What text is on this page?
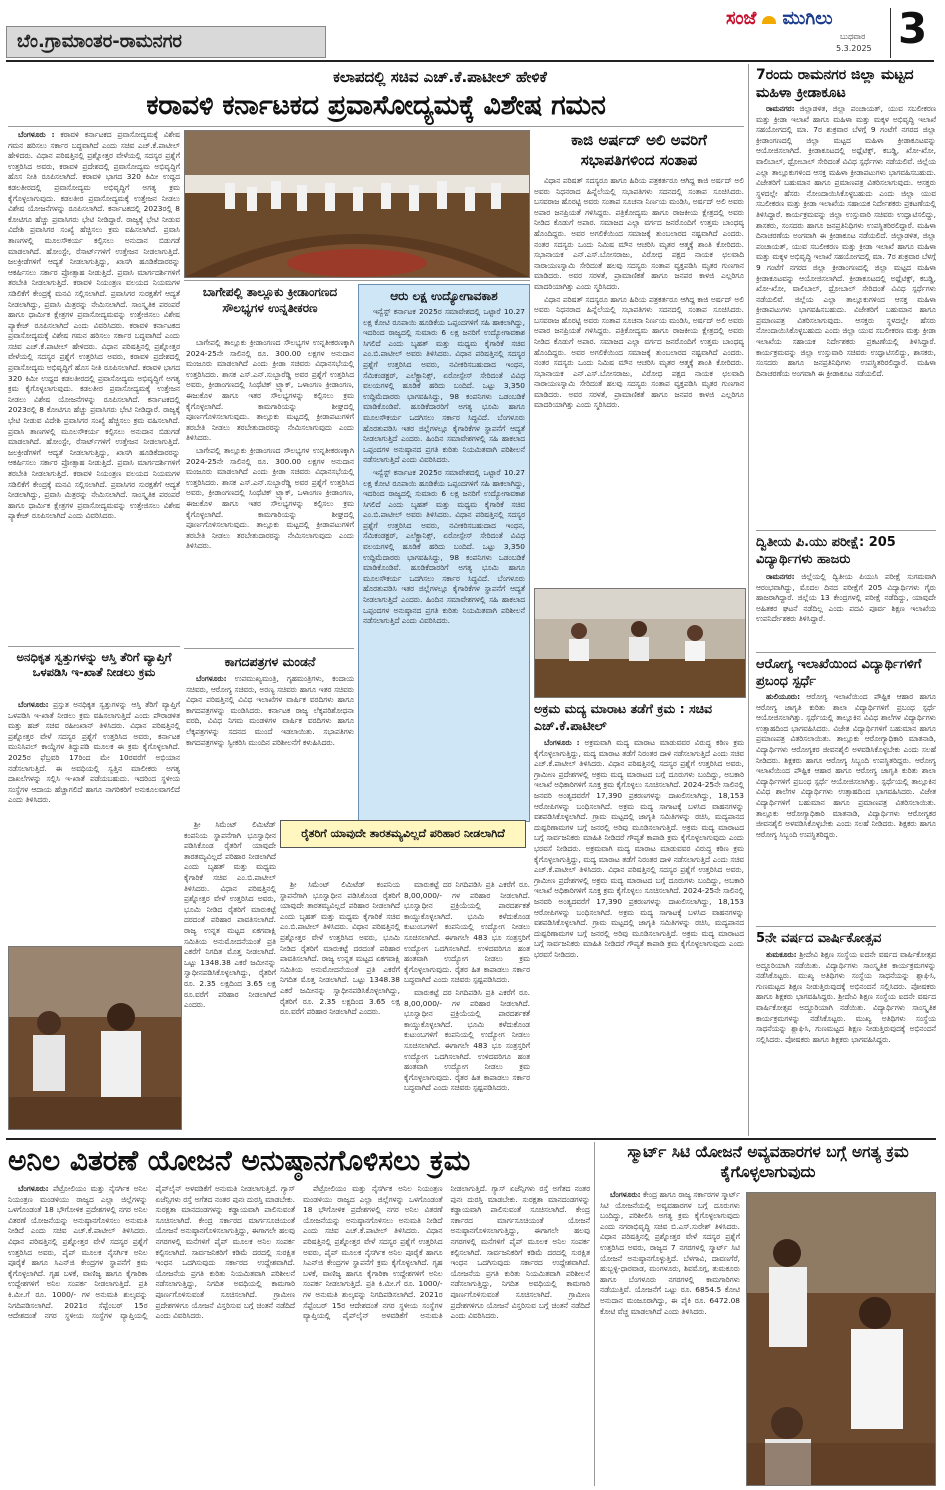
ಬೆಂ.ಗ್ರಾಮಾಂತರ-ರಾಮನಗರ
ಸಂಜೆ ಮುಗಿಲು
ಬುಧವಾರ
5.3.2025 3
7ರಂದು ರಾಮನಗರ ಜಿಲ್ಲಾ ಮಟ್ಟದ ಮಹಿಳಾ ಕ್ರೀಡಾಕೂಟ

ರಾಮನಗರ: ಜಿಲ್ಲಾಡಳಿತ, ಜಿಲ್ಲಾ ಪಂಚಾಯತ್, ಯುವ ಸಬಲೀಕರಣ ಮತ್ತು ಕ್ರೀಡಾ ಇಲಾಖೆ ಹಾಗೂ ಮಹಿಳಾ ಮತ್ತು ಮಕ್ಕಳ ಅಭಿವೃದ್ಧಿ ಇಲಾಖೆ ಸಹಯೋಗದಲ್ಲಿ ಮಾ. 7ರ ಶುಕ್ರವಾರ ಬೆಳಗ್ಗೆ 9 ಗಂಟೆಗೆ ನಗರದ ಜಿಲ್ಲಾ ಕ್ರೀಡಾಂಗಣದಲ್ಲಿ ಜಿಲ್ಲಾ ಮಟ್ಟದ ಮಹಿಳಾ ಕ್ರೀಡಾಕೂಟವನ್ನು ಆಯೋಜಿಸಲಾಗಿದೆ. ಕ್ರೀಡಾಕೂಟದಲ್ಲಿ ಅಥ್ಲೆಟಿಕ್ಸ್, ಕಬಡ್ಡಿ, ಖೋ-ಖೋ, ವಾಲಿಬಾಲ್, ಥ್ರೋಬಾಲ್ ಸೇರಿದಂತೆ ವಿವಿಧ ಸ್ಪರ್ಧೆಗಳು ನಡೆಯಲಿವೆ. ಜಿಲ್ಲೆಯ ಎಲ್ಲಾ ತಾಲ್ಲೂಕುಗಳಿಂದ ಆಸಕ್ತ ಮಹಿಳಾ ಕ್ರೀಡಾಪಟುಗಳು ಭಾಗವಹಿಸಬಹುದು. ವಿಜೇತರಿಗೆ ಬಹುಮಾನ ಹಾಗೂ ಪ್ರಮಾಣಪತ್ರ ವಿತರಿಸಲಾಗುವುದು. ಆಸಕ್ತರು ಸ್ಥಳದಲ್ಲೇ ಹೆಸರು ನೋಂದಾಯಿಸಿಕೊಳ್ಳಬಹುದು ಎಂದು ಜಿಲ್ಲಾ ಯುವ ಸಬಲೀಕರಣ ಮತ್ತು ಕ್ರೀಡಾ ಇಲಾಖೆಯ ಸಹಾಯಕ ನಿರ್ದೇಶಕರು ಪ್ರಕಟಣೆಯಲ್ಲಿ ತಿಳಿಸಿದ್ದಾರೆ. ಕಾರ್ಯಕ್ರಮವನ್ನು ಜಿಲ್ಲಾ ಉಸ್ತುವಾರಿ ಸಚಿವರು ಉದ್ಘಾಟಿಸಲಿದ್ದು, ಶಾಸಕರು, ಸಂಸದರು ಹಾಗೂ ಜನಪ್ರತಿನಿಧಿಗಳು ಉಪಸ್ಥಿತರಿರಲಿದ್ದಾರೆ. ಮಹಿಳಾ ದಿನಾಚರಣೆಯ ಅಂಗವಾಗಿ ಈ ಕ್ರೀಡಾಕೂಟ ನಡೆಯಲಿದೆ. ಜಿಲ್ಲಾಡಳಿತ, ಜಿಲ್ಲಾ ಪಂಚಾಯತ್, ಯುವ ಸಬಲೀಕರಣ ಮತ್ತು ಕ್ರೀಡಾ ಇಲಾಖೆ ಹಾಗೂ ಮಹಿಳಾ ಮತ್ತು ಮಕ್ಕಳ ಅಭಿವೃದ್ಧಿ ಇಲಾಖೆ ಸಹಯೋಗದಲ್ಲಿ ಮಾ. 7ರ ಶುಕ್ರವಾರ ಬೆಳಗ್ಗೆ 9 ಗಂಟೆಗೆ ನಗರದ ಜಿಲ್ಲಾ ಕ್ರೀಡಾಂಗಣದಲ್ಲಿ ಜಿಲ್ಲಾ ಮಟ್ಟದ ಮಹಿಳಾ ಕ್ರೀಡಾಕೂಟವನ್ನು ಆಯೋಜಿಸಲಾಗಿದೆ. ಕ್ರೀಡಾಕೂಟದಲ್ಲಿ ಅಥ್ಲೆಟಿಕ್ಸ್, ಕಬಡ್ಡಿ, ಖೋ-ಖೋ, ವಾಲಿಬಾಲ್, ಥ್ರೋಬಾಲ್ ಸೇರಿದಂತೆ ವಿವಿಧ ಸ್ಪರ್ಧೆಗಳು ನಡೆಯಲಿವೆ. ಜಿಲ್ಲೆಯ ಎಲ್ಲಾ ತಾಲ್ಲೂಕುಗಳಿಂದ ಆಸಕ್ತ ಮಹಿಳಾ ಕ್ರೀಡಾಪಟುಗಳು ಭಾಗವಹಿಸಬಹುದು. ವಿಜೇತರಿಗೆ ಬಹುಮಾನ ಹಾಗೂ ಪ್ರಮಾಣಪತ್ರ ವಿತರಿಸಲಾಗುವುದು. ಆಸಕ್ತರು ಸ್ಥಳದಲ್ಲೇ ಹೆಸರು ನೋಂದಾಯಿಸಿಕೊಳ್ಳಬಹುದು ಎಂದು ಜಿಲ್ಲಾ ಯುವ ಸಬಲೀಕರಣ ಮತ್ತು ಕ್ರೀಡಾ ಇಲಾಖೆಯ ಸಹಾಯಕ ನಿರ್ದೇಶಕರು ಪ್ರಕಟಣೆಯಲ್ಲಿ ತಿಳಿಸಿದ್ದಾರೆ. ಕಾರ್ಯಕ್ರಮವನ್ನು ಜಿಲ್ಲಾ ಉಸ್ತುವಾರಿ ಸಚಿವರು ಉದ್ಘಾಟಿಸಲಿದ್ದು, ಶಾಸಕರು, ಸಂಸದರು ಹಾಗೂ ಜನಪ್ರತಿನಿಧಿಗಳು ಉಪಸ್ಥಿತರಿರಲಿದ್ದಾರೆ. ಮಹಿಳಾ ದಿನಾಚರಣೆಯ ಅಂಗವಾಗಿ ಈ ಕ್ರೀಡಾಕೂಟ ನಡೆಯಲಿದೆ.

ದ್ವಿತೀಯ ಪಿ.ಯು ಪರೀಕ್ಷೆ: 205 ವಿದ್ಯಾರ್ಥಿಗಳು ಹಾಜರು

ರಾಮನಗರ: ಜಿಲ್ಲೆಯಲ್ಲಿ ದ್ವಿತೀಯ ಪಿಯುಸಿ ಪರೀಕ್ಷೆ ಸುಗಮವಾಗಿ ಆರಂಭವಾಗಿದ್ದು, ಮೊದಲ ದಿನದ ಪರೀಕ್ಷೆಗೆ 205 ವಿದ್ಯಾರ್ಥಿಗಳು ಗೈರು ಹಾಜರಾಗಿದ್ದಾರೆ. ಜಿಲ್ಲೆಯ 13 ಕೇಂದ್ರಗಳಲ್ಲಿ ಪರೀಕ್ಷೆ ನಡೆದಿದ್ದು, ಯಾವುದೇ ಅಹಿತಕರ ಘಟನೆ ನಡೆದಿಲ್ಲ ಎಂದು ಪದವಿ ಪೂರ್ವ ಶಿಕ್ಷಣ ಇಲಾಖೆಯ ಉಪನಿರ್ದೇಶಕರು ತಿಳಿಸಿದ್ದಾರೆ.

ಆರೋಗ್ಯ ಇಲಾಖೆಯಿಂದ ವಿದ್ಯಾರ್ಥಿಗಳಿಗೆ ಪ್ರಬಂಧ ಸ್ಪರ್ಧೆ

ಹುಲಿಯೂರು: ಆರೋಗ್ಯ ಇಲಾಖೆಯಿಂದ ಪೌಷ್ಟಿಕ ಆಹಾರ ಹಾಗೂ ಆರೋಗ್ಯ ಜಾಗೃತಿ ಕುರಿತು ಶಾಲಾ ವಿದ್ಯಾರ್ಥಿಗಳಿಗೆ ಪ್ರಬಂಧ ಸ್ಪರ್ಧೆ ಆಯೋಜಿಸಲಾಗಿತ್ತು. ಸ್ಪರ್ಧೆಯಲ್ಲಿ ತಾಲ್ಲೂಕಿನ ವಿವಿಧ ಶಾಲೆಗಳ ವಿದ್ಯಾರ್ಥಿಗಳು ಉತ್ಸಾಹದಿಂದ ಭಾಗವಹಿಸಿದರು. ವಿಜೇತ ವಿದ್ಯಾರ್ಥಿಗಳಿಗೆ ಬಹುಮಾನ ಹಾಗೂ ಪ್ರಮಾಣಪತ್ರ ವಿತರಿಸಲಾಯಿತು. ತಾಲ್ಲೂಕು ಆರೋಗ್ಯಾಧಿಕಾರಿ ಮಾತನಾಡಿ, ವಿದ್ಯಾರ್ಥಿಗಳು ಆರೋಗ್ಯಕರ ಜೀವನಶೈಲಿ ಅಳವಡಿಸಿಕೊಳ್ಳಬೇಕು ಎಂದು ಸಲಹೆ ನೀಡಿದರು. ಶಿಕ್ಷಕರು ಹಾಗೂ ಆರೋಗ್ಯ ಸಿಬ್ಬಂದಿ ಉಪಸ್ಥಿತರಿದ್ದರು. ಆರೋಗ್ಯ ಇಲಾಖೆಯಿಂದ ಪೌಷ್ಟಿಕ ಆಹಾರ ಹಾಗೂ ಆರೋಗ್ಯ ಜಾಗೃತಿ ಕುರಿತು ಶಾಲಾ ವಿದ್ಯಾರ್ಥಿಗಳಿಗೆ ಪ್ರಬಂಧ ಸ್ಪರ್ಧೆ ಆಯೋಜಿಸಲಾಗಿತ್ತು. ಸ್ಪರ್ಧೆಯಲ್ಲಿ ತಾಲ್ಲೂಕಿನ ವಿವಿಧ ಶಾಲೆಗಳ ವಿದ್ಯಾರ್ಥಿಗಳು ಉತ್ಸಾಹದಿಂದ ಭಾಗವಹಿಸಿದರು. ವಿಜೇತ ವಿದ್ಯಾರ್ಥಿಗಳಿಗೆ ಬಹುಮಾನ ಹಾಗೂ ಪ್ರಮಾಣಪತ್ರ ವಿತರಿಸಲಾಯಿತು. ತಾಲ್ಲೂಕು ಆರೋಗ್ಯಾಧಿಕಾರಿ ಮಾತನಾಡಿ, ವಿದ್ಯಾರ್ಥಿಗಳು ಆರೋಗ್ಯಕರ ಜೀವನಶೈಲಿ ಅಳವಡಿಸಿಕೊಳ್ಳಬೇಕು ಎಂದು ಸಲಹೆ ನೀಡಿದರು. ಶಿಕ್ಷಕರು ಹಾಗೂ ಆರೋಗ್ಯ ಸಿಬ್ಬಂದಿ ಉಪಸ್ಥಿತರಿದ್ದರು.

5ನೇ ವರ್ಷದ ವಾರ್ಷಿಕೋತ್ಸವ

ತುಮಕೂರು: ಶ್ರೀದೇವಿ ಶಿಕ್ಷಣ ಸಂಸ್ಥೆಯ ಐದನೇ ವರ್ಷದ ವಾರ್ಷಿಕೋತ್ಸವ ಅದ್ದೂರಿಯಾಗಿ ನಡೆಯಿತು. ವಿದ್ಯಾರ್ಥಿಗಳು ಸಾಂಸ್ಕೃತಿಕ ಕಾರ್ಯಕ್ರಮಗಳನ್ನು ನಡೆಸಿಕೊಟ್ಟರು. ಮುಖ್ಯ ಅತಿಥಿಗಳು ಸಂಸ್ಥೆಯ ಸಾಧನೆಯನ್ನು ಶ್ಲಾಘಿಸಿ, ಗುಣಮಟ್ಟದ ಶಿಕ್ಷಣ ನೀಡುತ್ತಿರುವುದಕ್ಕೆ ಅಭಿನಂದನೆ ಸಲ್ಲಿಸಿದರು. ಪೋಷಕರು ಹಾಗೂ ಶಿಕ್ಷಕರು ಭಾಗವಹಿಸಿದ್ದರು. ಶ್ರೀದೇವಿ ಶಿಕ್ಷಣ ಸಂಸ್ಥೆಯ ಐದನೇ ವರ್ಷದ ವಾರ್ಷಿಕೋತ್ಸವ ಅದ್ದೂರಿಯಾಗಿ ನಡೆಯಿತು. ವಿದ್ಯಾರ್ಥಿಗಳು ಸಾಂಸ್ಕೃತಿಕ ಕಾರ್ಯಕ್ರಮಗಳನ್ನು ನಡೆಸಿಕೊಟ್ಟರು. ಮುಖ್ಯ ಅತಿಥಿಗಳು ಸಂಸ್ಥೆಯ ಸಾಧನೆಯನ್ನು ಶ್ಲಾಘಿಸಿ, ಗುಣಮಟ್ಟದ ಶಿಕ್ಷಣ ನೀಡುತ್ತಿರುವುದಕ್ಕೆ ಅಭಿನಂದನೆ ಸಲ್ಲಿಸಿದರು. ಪೋಷಕರು ಹಾಗೂ ಶಿಕ್ಷಕರು ಭಾಗವಹಿಸಿದ್ದರು.

ಕಲಾಪದಲ್ಲಿ ಸಚಿವ ಎಚ್.ಕೆ.ಪಾಟೀಲ್ ಹೇಳಿಕೆ
ಕರಾವಳಿ ಕರ್ನಾಟಕದ ಪ್ರವಾಸೋದ್ಯಮಕ್ಕೆ ವಿಶೇಷ ಗಮನ

ಬೆಂಗಳೂರು : ಕರಾವಳಿ ಕರ್ನಾಟಕದ ಪ್ರವಾಸೋದ್ಯಮಕ್ಕೆ ವಿಶೇಷ ಗಮನ ಹರಿಸಲು ಸರ್ಕಾರ ಬದ್ಧವಾಗಿದೆ ಎಂದು ಸಚಿವ ಎಚ್.ಕೆ.ಪಾಟೀಲ್ ಹೇಳಿದರು. ವಿಧಾನ ಪರಿಷತ್ತಿನಲ್ಲಿ ಪ್ರಶ್ನೋತ್ತರ ವೇಳೆಯಲ್ಲಿ ಸದಸ್ಯರ ಪ್ರಶ್ನೆಗೆ ಉತ್ತರಿಸಿದ ಅವರು, ಕರಾವಳಿ ಪ್ರದೇಶದಲ್ಲಿ ಪ್ರವಾಸೋದ್ಯಮ ಅಭಿವೃದ್ಧಿಗೆ ಹೊಸ ನೀತಿ ರೂಪಿಸಲಾಗಿದೆ. ಕರಾವಳಿ ಭಾಗದ 320 ಕಿಮೀ ಉದ್ದದ ಕಡಲತೀರದಲ್ಲಿ ಪ್ರವಾಸೋದ್ಯಮ ಅಭಿವೃದ್ಧಿಗೆ ಅಗತ್ಯ ಕ್ರಮ ಕೈಗೊಳ್ಳಲಾಗುವುದು. ಕಡಲತೀರ ಪ್ರವಾಸೋದ್ಯಮಕ್ಕೆ ಉತ್ತೇಜನ ನೀಡಲು ವಿಶೇಷ ಯೋಜನೆಗಳನ್ನು ರೂಪಿಸಲಾಗಿದೆ. ಕರ್ನಾಟಕದಲ್ಲಿ 2023ರಲ್ಲಿ 8 ಕೋಟಿಗೂ ಹೆಚ್ಚು ಪ್ರವಾಸಿಗರು ಭೇಟಿ ನೀಡಿದ್ದಾರೆ. ರಾಜ್ಯಕ್ಕೆ ಭೇಟಿ ನೀಡುವ ವಿದೇಶಿ ಪ್ರವಾಸಿಗರ ಸಂಖ್ಯೆ ಹೆಚ್ಚಿಸಲು ಕ್ರಮ ವಹಿಸಲಾಗಿದೆ. ಪ್ರವಾಸಿ ತಾಣಗಳಲ್ಲಿ ಮೂಲಸೌಕರ್ಯ ಕಲ್ಪಿಸಲು ಅನುದಾನ ಬಿಡುಗಡೆ ಮಾಡಲಾಗಿದೆ. ಹೋಂಸ್ಟೇ, ರೆಸಾರ್ಟ್‌ಗಳಿಗೆ ಉತ್ತೇಜನ ನೀಡಲಾಗುತ್ತಿದೆ. ಜಲಕ್ರೀಡೆಗಳಿಗೆ ಆದ್ಯತೆ ನೀಡಲಾಗುತ್ತಿದ್ದು, ಖಾಸಗಿ ಹೂಡಿಕೆದಾರರನ್ನು ಆಕರ್ಷಿಸಲು ಸರ್ಕಾರ ಪ್ರೋತ್ಸಾಹ ನೀಡುತ್ತಿದೆ. ಪ್ರವಾಸಿ ಮಾರ್ಗದರ್ಶಿಗಳಿಗೆ ತರಬೇತಿ ನೀಡಲಾಗುತ್ತಿದೆ. ಕರಾವಳಿ ನಿಯಂತ್ರಣ ವಲಯದ ನಿಯಮಗಳ ಸಡಿಲಿಕೆಗೆ ಕೇಂದ್ರಕ್ಕೆ ಮನವಿ ಸಲ್ಲಿಸಲಾಗಿದೆ. ಪ್ರವಾಸಿಗರ ಸುರಕ್ಷತೆಗೆ ಆದ್ಯತೆ ನೀಡಲಾಗಿದ್ದು, ಪ್ರವಾಸಿ ಮಿತ್ರರನ್ನು ನೇಮಿಸಲಾಗಿದೆ. ಸಾಂಸ್ಕೃತಿಕ ಪರಂಪರೆ ಹಾಗೂ ಧಾರ್ಮಿಕ ಕ್ಷೇತ್ರಗಳ ಪ್ರವಾಸೋದ್ಯಮವನ್ನು ಉತ್ತೇಜಿಸಲು ವಿಶೇಷ ಪ್ಯಾಕೇಜ್ ರೂಪಿಸಲಾಗಿದೆ ಎಂದು ವಿವರಿಸಿದರು. ಕರಾವಳಿ ಕರ್ನಾಟಕದ ಪ್ರವಾಸೋದ್ಯಮಕ್ಕೆ ವಿಶೇಷ ಗಮನ ಹರಿಸಲು ಸರ್ಕಾರ ಬದ್ಧವಾಗಿದೆ ಎಂದು ಸಚಿವ ಎಚ್.ಕೆ.ಪಾಟೀಲ್ ಹೇಳಿದರು. ವಿಧಾನ ಪರಿಷತ್ತಿನಲ್ಲಿ ಪ್ರಶ್ನೋತ್ತರ ವೇಳೆಯಲ್ಲಿ ಸದಸ್ಯರ ಪ್ರಶ್ನೆಗೆ ಉತ್ತರಿಸಿದ ಅವರು, ಕರಾವಳಿ ಪ್ರದೇಶದಲ್ಲಿ ಪ್ರವಾಸೋದ್ಯಮ ಅಭಿವೃದ್ಧಿಗೆ ಹೊಸ ನೀತಿ ರೂಪಿಸಲಾಗಿದೆ. ಕರಾವಳಿ ಭಾಗದ 320 ಕಿಮೀ ಉದ್ದದ ಕಡಲತೀರದಲ್ಲಿ ಪ್ರವಾಸೋದ್ಯಮ ಅಭಿವೃದ್ಧಿಗೆ ಅಗತ್ಯ ಕ್ರಮ ಕೈಗೊಳ್ಳಲಾಗುವುದು. ಕಡಲತೀರ ಪ್ರವಾಸೋದ್ಯಮಕ್ಕೆ ಉತ್ತೇಜನ ನೀಡಲು ವಿಶೇಷ ಯೋಜನೆಗಳನ್ನು ರೂಪಿಸಲಾಗಿದೆ. ಕರ್ನಾಟಕದಲ್ಲಿ 2023ರಲ್ಲಿ 8 ಕೋಟಿಗೂ ಹೆಚ್ಚು ಪ್ರವಾಸಿಗರು ಭೇಟಿ ನೀಡಿದ್ದಾರೆ. ರಾಜ್ಯಕ್ಕೆ ಭೇಟಿ ನೀಡುವ ವಿದೇಶಿ ಪ್ರವಾಸಿಗರ ಸಂಖ್ಯೆ ಹೆಚ್ಚಿಸಲು ಕ್ರಮ ವಹಿಸಲಾಗಿದೆ. ಪ್ರವಾಸಿ ತಾಣಗಳಲ್ಲಿ ಮೂಲಸೌಕರ್ಯ ಕಲ್ಪಿಸಲು ಅನುದಾನ ಬಿಡುಗಡೆ ಮಾಡಲಾಗಿದೆ. ಹೋಂಸ್ಟೇ, ರೆಸಾರ್ಟ್‌ಗಳಿಗೆ ಉತ್ತೇಜನ ನೀಡಲಾಗುತ್ತಿದೆ. ಜಲಕ್ರೀಡೆಗಳಿಗೆ ಆದ್ಯತೆ ನೀಡಲಾಗುತ್ತಿದ್ದು, ಖಾಸಗಿ ಹೂಡಿಕೆದಾರರನ್ನು ಆಕರ್ಷಿಸಲು ಸರ್ಕಾರ ಪ್ರೋತ್ಸಾಹ ನೀಡುತ್ತಿದೆ. ಪ್ರವಾಸಿ ಮಾರ್ಗದರ್ಶಿಗಳಿಗೆ ತರಬೇತಿ ನೀಡಲಾಗುತ್ತಿದೆ. ಕರಾವಳಿ ನಿಯಂತ್ರಣ ವಲಯದ ನಿಯಮಗಳ ಸಡಿಲಿಕೆಗೆ ಕೇಂದ್ರಕ್ಕೆ ಮನವಿ ಸಲ್ಲಿಸಲಾಗಿದೆ. ಪ್ರವಾಸಿಗರ ಸುರಕ್ಷತೆಗೆ ಆದ್ಯತೆ ನೀಡಲಾಗಿದ್ದು, ಪ್ರವಾಸಿ ಮಿತ್ರರನ್ನು ನೇಮಿಸಲಾಗಿದೆ. ಸಾಂಸ್ಕೃತಿಕ ಪರಂಪರೆ ಹಾಗೂ ಧಾರ್ಮಿಕ ಕ್ಷೇತ್ರಗಳ ಪ್ರವಾಸೋದ್ಯಮವನ್ನು ಉತ್ತೇಜಿಸಲು ವಿಶೇಷ ಪ್ಯಾಕೇಜ್ ರೂಪಿಸಲಾಗಿದೆ ಎಂದು ವಿವರಿಸಿದರು.

ಕಾಜಿ ಅರ್ಷದ್ ಅಲಿ ಅವರಿಗೆ ಸಭಾಪತಿಗಳಿಂದ ಸಂತಾಪ

ವಿಧಾನ ಪರಿಷತ್ ಸದಸ್ಯರೂ ಹಾಗೂ ಹಿರಿಯ ಪತ್ರಕರ್ತರೂ ಆಗಿದ್ದ ಕಾಜಿ ಅರ್ಷದ್ ಅಲಿ ಅವರು ನಿಧನರಾದ ಹಿನ್ನೆಲೆಯಲ್ಲಿ ಸಭಾಪತಿಗಳು ಸದನದಲ್ಲಿ ಸಂತಾಪ ಸೂಚಿಸಿದರು. ಬಸವರಾಜ ಹೊರಟ್ಟಿ ಅವರು ಸಂತಾಪ ಸೂಚನಾ ನಿರ್ಣಯ ಮಂಡಿಸಿ, ಅರ್ಷದ್ ಅಲಿ ಅವರು ಅಪಾರ ಜನಪ್ರಿಯತೆ ಗಳಿಸಿದ್ದರು. ಪತ್ರಿಕೋದ್ಯಮ ಹಾಗೂ ರಾಜಕೀಯ ಕ್ಷೇತ್ರದಲ್ಲಿ ಅವರು ನೀಡಿದ ಕೊಡುಗೆ ಅಪಾರ. ಸಮಾಜದ ಎಲ್ಲಾ ವರ್ಗದ ಜನರೊಂದಿಗೆ ಉತ್ತಮ ಬಾಂಧವ್ಯ ಹೊಂದಿದ್ದರು. ಅವರ ಅಗಲಿಕೆಯಿಂದ ಸಮಾಜಕ್ಕೆ ತುಂಬಲಾರದ ನಷ್ಟವಾಗಿದೆ ಎಂದರು. ನಂತರ ಸದಸ್ಯರು ಒಂದು ನಿಮಿಷ ಮೌನ ಆಚರಿಸಿ ಮೃತರ ಆತ್ಮಕ್ಕೆ ಶಾಂತಿ ಕೋರಿದರು. ಸಭಾನಾಯಕ ಎನ್.ಎಸ್.ಬೋಸರಾಜು, ವಿರೋಧ ಪಕ್ಷದ ನಾಯಕ ಛಲವಾದಿ ನಾರಾಯಣಸ್ವಾಮಿ ಸೇರಿದಂತೆ ಹಲವು ಸದಸ್ಯರು ಸಂತಾಪ ವ್ಯಕ್ತಪಡಿಸಿ ಮೃತರ ಗುಣಗಾನ ಮಾಡಿದರು. ಅವರ ಸರಳತೆ, ಪ್ರಾಮಾಣಿಕತೆ ಹಾಗೂ ಜನಪರ ಕಾಳಜಿ ಎಲ್ಲರಿಗೂ ಮಾದರಿಯಾಗಿತ್ತು ಎಂದು ಸ್ಮರಿಸಿದರು.

ವಿಧಾನ ಪರಿಷತ್ ಸದಸ್ಯರೂ ಹಾಗೂ ಹಿರಿಯ ಪತ್ರಕರ್ತರೂ ಆಗಿದ್ದ ಕಾಜಿ ಅರ್ಷದ್ ಅಲಿ ಅವರು ನಿಧನರಾದ ಹಿನ್ನೆಲೆಯಲ್ಲಿ ಸಭಾಪತಿಗಳು ಸದನದಲ್ಲಿ ಸಂತಾಪ ಸೂಚಿಸಿದರು. ಬಸವರಾಜ ಹೊರಟ್ಟಿ ಅವರು ಸಂತಾಪ ಸೂಚನಾ ನಿರ್ಣಯ ಮಂಡಿಸಿ, ಅರ್ಷದ್ ಅಲಿ ಅವರು ಅಪಾರ ಜನಪ್ರಿಯತೆ ಗಳಿಸಿದ್ದರು. ಪತ್ರಿಕೋದ್ಯಮ ಹಾಗೂ ರಾಜಕೀಯ ಕ್ಷೇತ್ರದಲ್ಲಿ ಅವರು ನೀಡಿದ ಕೊಡುಗೆ ಅಪಾರ. ಸಮಾಜದ ಎಲ್ಲಾ ವರ್ಗದ ಜನರೊಂದಿಗೆ ಉತ್ತಮ ಬಾಂಧವ್ಯ ಹೊಂದಿದ್ದರು. ಅವರ ಅಗಲಿಕೆಯಿಂದ ಸಮಾಜಕ್ಕೆ ತುಂಬಲಾರದ ನಷ್ಟವಾಗಿದೆ ಎಂದರು. ನಂತರ ಸದಸ್ಯರು ಒಂದು ನಿಮಿಷ ಮೌನ ಆಚರಿಸಿ ಮೃತರ ಆತ್ಮಕ್ಕೆ ಶಾಂತಿ ಕೋರಿದರು. ಸಭಾನಾಯಕ ಎನ್.ಎಸ್.ಬೋಸರಾಜು, ವಿರೋಧ ಪಕ್ಷದ ನಾಯಕ ಛಲವಾದಿ ನಾರಾಯಣಸ್ವಾಮಿ ಸೇರಿದಂತೆ ಹಲವು ಸದಸ್ಯರು ಸಂತಾಪ ವ್ಯಕ್ತಪಡಿಸಿ ಮೃತರ ಗುಣಗಾನ ಮಾಡಿದರು. ಅವರ ಸರಳತೆ, ಪ್ರಾಮಾಣಿಕತೆ ಹಾಗೂ ಜನಪರ ಕಾಳಜಿ ಎಲ್ಲರಿಗೂ ಮಾದರಿಯಾಗಿತ್ತು ಎಂದು ಸ್ಮರಿಸಿದರು.

ಅಕ್ರಮ ಮದ್ಯ ಮಾರಾಟ ತಡೆಗೆ ಕ್ರಮ : ಸಚಿವ ಎಚ್.ಕೆ.ಪಾಟೀಲ್

ಬೆಂಗಳೂರು : ಅಕ್ರಮವಾಗಿ ಮದ್ಯ ಮಾರಾಟ ಮಾಡುವವರ ವಿರುದ್ಧ ಕಠಿಣ ಕ್ರಮ ಕೈಗೊಳ್ಳಲಾಗುತ್ತಿದ್ದು, ಮದ್ಯ ಮಾರಾಟ ತಡೆಗೆ ನಿರಂತರ ದಾಳಿ ನಡೆಸಲಾಗುತ್ತಿದೆ ಎಂದು ಸಚಿವ ಎಚ್.ಕೆ.ಪಾಟೀಲ್ ತಿಳಿಸಿದರು. ವಿಧಾನ ಪರಿಷತ್ತಿನಲ್ಲಿ ಸದಸ್ಯರ ಪ್ರಶ್ನೆಗೆ ಉತ್ತರಿಸಿದ ಅವರು, ಗ್ರಾಮೀಣ ಪ್ರದೇಶಗಳಲ್ಲಿ ಅಕ್ರಮ ಮದ್ಯ ಮಾರಾಟದ ಬಗ್ಗೆ ದೂರುಗಳು ಬಂದಿದ್ದು, ಅಬಕಾರಿ ಇಲಾಖೆ ಅಧಿಕಾರಿಗಳಿಗೆ ಸೂಕ್ತ ಕ್ರಮ ಕೈಗೊಳ್ಳಲು ಸೂಚಿಸಲಾಗಿದೆ. 2024-25ನೇ ಸಾಲಿನಲ್ಲಿ ಜನವರಿ ಅಂತ್ಯದವರೆಗೆ 17,390 ಪ್ರಕರಣಗಳನ್ನು ದಾಖಲಿಸಲಾಗಿದ್ದು, 18,153 ಆರೋಪಿಗಳನ್ನು ಬಂಧಿಸಲಾಗಿದೆ. ಅಕ್ರಮ ಮದ್ಯ ಸಾಗಾಟಕ್ಕೆ ಬಳಸಿದ ವಾಹನಗಳನ್ನು ವಶಪಡಿಸಿಕೊಳ್ಳಲಾಗಿದೆ. ಗ್ರಾಮ ಮಟ್ಟದಲ್ಲಿ ಜಾಗೃತಿ ಸಮಿತಿಗಳನ್ನು ರಚಿಸಿ, ಮದ್ಯಪಾನದ ದುಷ್ಪರಿಣಾಮಗಳ ಬಗ್ಗೆ ಜನರಲ್ಲಿ ಅರಿವು ಮೂಡಿಸಲಾಗುತ್ತಿದೆ. ಅಕ್ರಮ ಮದ್ಯ ಮಾರಾಟದ ಬಗ್ಗೆ ಸಾರ್ವಜನಿಕರು ಮಾಹಿತಿ ನೀಡಿದರೆ ಗೌಪ್ಯತೆ ಕಾಪಾಡಿ ಕ್ರಮ ಕೈಗೊಳ್ಳಲಾಗುವುದು ಎಂದು ಭರವಸೆ ನೀಡಿದರು. ಅಕ್ರಮವಾಗಿ ಮದ್ಯ ಮಾರಾಟ ಮಾಡುವವರ ವಿರುದ್ಧ ಕಠಿಣ ಕ್ರಮ ಕೈಗೊಳ್ಳಲಾಗುತ್ತಿದ್ದು, ಮದ್ಯ ಮಾರಾಟ ತಡೆಗೆ ನಿರಂತರ ದಾಳಿ ನಡೆಸಲಾಗುತ್ತಿದೆ ಎಂದು ಸಚಿವ ಎಚ್.ಕೆ.ಪಾಟೀಲ್ ತಿಳಿಸಿದರು. ವಿಧಾನ ಪರಿಷತ್ತಿನಲ್ಲಿ ಸದಸ್ಯರ ಪ್ರಶ್ನೆಗೆ ಉತ್ತರಿಸಿದ ಅವರು, ಗ್ರಾಮೀಣ ಪ್ರದೇಶಗಳಲ್ಲಿ ಅಕ್ರಮ ಮದ್ಯ ಮಾರಾಟದ ಬಗ್ಗೆ ದೂರುಗಳು ಬಂದಿದ್ದು, ಅಬಕಾರಿ ಇಲಾಖೆ ಅಧಿಕಾರಿಗಳಿಗೆ ಸೂಕ್ತ ಕ್ರಮ ಕೈಗೊಳ್ಳಲು ಸೂಚಿಸಲಾಗಿದೆ. 2024-25ನೇ ಸಾಲಿನಲ್ಲಿ ಜನವರಿ ಅಂತ್ಯದವರೆಗೆ 17,390 ಪ್ರಕರಣಗಳನ್ನು ದಾಖಲಿಸಲಾಗಿದ್ದು, 18,153 ಆರೋಪಿಗಳನ್ನು ಬಂಧಿಸಲಾಗಿದೆ. ಅಕ್ರಮ ಮದ್ಯ ಸಾಗಾಟಕ್ಕೆ ಬಳಸಿದ ವಾಹನಗಳನ್ನು ವಶಪಡಿಸಿಕೊಳ್ಳಲಾಗಿದೆ. ಗ್ರಾಮ ಮಟ್ಟದಲ್ಲಿ ಜಾಗೃತಿ ಸಮಿತಿಗಳನ್ನು ರಚಿಸಿ, ಮದ್ಯಪಾನದ ದುಷ್ಪರಿಣಾಮಗಳ ಬಗ್ಗೆ ಜನರಲ್ಲಿ ಅರಿವು ಮೂಡಿಸಲಾಗುತ್ತಿದೆ. ಅಕ್ರಮ ಮದ್ಯ ಮಾರಾಟದ ಬಗ್ಗೆ ಸಾರ್ವಜನಿಕರು ಮಾಹಿತಿ ನೀಡಿದರೆ ಗೌಪ್ಯತೆ ಕಾಪಾಡಿ ಕ್ರಮ ಕೈಗೊಳ್ಳಲಾಗುವುದು ಎಂದು ಭರವಸೆ ನೀಡಿದರು.

ಬಾಗೇಪಲ್ಲಿ ತಾಲ್ಲೂಕು ಕ್ರೀಡಾಂಗಣದ ಸೌಲಭ್ಯಗಳ ಉನ್ನತೀಕರಣ

ಬಾಗೇಪಲ್ಲಿ ತಾಲ್ಲೂಕು ಕ್ರೀಡಾಂಗಣದ ಸೌಲಭ್ಯಗಳ ಉನ್ನತೀಕರಣಕ್ಕಾಗಿ 2024-25ನೇ ಸಾಲಿನಲ್ಲಿ ರೂ. 300.00 ಲಕ್ಷಗಳ ಅನುದಾನ ಮಂಜೂರು ಮಾಡಲಾಗಿದೆ ಎಂದು ಕ್ರೀಡಾ ಸಚಿವರು ವಿಧಾನಸಭೆಯಲ್ಲಿ ಉತ್ತರಿಸಿದರು. ಶಾಸಕ ಎಸ್.ಎನ್.ಸುಬ್ಬಾರೆಡ್ಡಿ ಅವರ ಪ್ರಶ್ನೆಗೆ ಉತ್ತರಿಸಿದ ಅವರು, ಕ್ರೀಡಾಂಗಣದಲ್ಲಿ ಸಿಂಥೆಟಿಕ್ ಟ್ರ್ಯಾಕ್, ಒಳಾಂಗಣ ಕ್ರೀಡಾಂಗಣ, ಈಜುಕೊಳ ಹಾಗೂ ಇತರ ಸೌಲಭ್ಯಗಳನ್ನು ಕಲ್ಪಿಸಲು ಕ್ರಮ ಕೈಗೊಳ್ಳಲಾಗಿದೆ. ಕಾಮಗಾರಿಯನ್ನು ಶೀಘ್ರದಲ್ಲಿ ಪೂರ್ಣಗೊಳಿಸಲಾಗುವುದು. ತಾಲ್ಲೂಕು ಮಟ್ಟದಲ್ಲಿ ಕ್ರೀಡಾಪಟುಗಳಿಗೆ ತರಬೇತಿ ನೀಡಲು ತರಬೇತುದಾರರನ್ನು ನೇಮಿಸಲಾಗುವುದು ಎಂದು ತಿಳಿಸಿದರು.

ಬಾಗೇಪಲ್ಲಿ ತಾಲ್ಲೂಕು ಕ್ರೀಡಾಂಗಣದ ಸೌಲಭ್ಯಗಳ ಉನ್ನತೀಕರಣಕ್ಕಾಗಿ 2024-25ನೇ ಸಾಲಿನಲ್ಲಿ ರೂ. 300.00 ಲಕ್ಷಗಳ ಅನುದಾನ ಮಂಜೂರು ಮಾಡಲಾಗಿದೆ ಎಂದು ಕ್ರೀಡಾ ಸಚಿವರು ವಿಧಾನಸಭೆಯಲ್ಲಿ ಉತ್ತರಿಸಿದರು. ಶಾಸಕ ಎಸ್.ಎನ್.ಸುಬ್ಬಾರೆಡ್ಡಿ ಅವರ ಪ್ರಶ್ನೆಗೆ ಉತ್ತರಿಸಿದ ಅವರು, ಕ್ರೀಡಾಂಗಣದಲ್ಲಿ ಸಿಂಥೆಟಿಕ್ ಟ್ರ್ಯಾಕ್, ಒಳಾಂಗಣ ಕ್ರೀಡಾಂಗಣ, ಈಜುಕೊಳ ಹಾಗೂ ಇತರ ಸೌಲಭ್ಯಗಳನ್ನು ಕಲ್ಪಿಸಲು ಕ್ರಮ ಕೈಗೊಳ್ಳಲಾಗಿದೆ. ಕಾಮಗಾರಿಯನ್ನು ಶೀಘ್ರದಲ್ಲಿ ಪೂರ್ಣಗೊಳಿಸಲಾಗುವುದು. ತಾಲ್ಲೂಕು ಮಟ್ಟದಲ್ಲಿ ಕ್ರೀಡಾಪಟುಗಳಿಗೆ ತರಬೇತಿ ನೀಡಲು ತರಬೇತುದಾರರನ್ನು ನೇಮಿಸಲಾಗುವುದು ಎಂದು ತಿಳಿಸಿದರು.

ಆರು ಲಕ್ಷ ಉದ್ಯೋಗಾವಕಾಶ

ಇನ್ವೆಸ್ಟ್ ಕರ್ನಾಟಕ 2025ರ ಸಮಾವೇಶದಲ್ಲಿ ಒಟ್ಟಾರೆ 10.27 ಲಕ್ಷ ಕೋಟಿ ರೂಪಾಯಿ ಹೂಡಿಕೆಯ ಒಪ್ಪಂದಗಳಿಗೆ ಸಹಿ ಹಾಕಲಾಗಿದ್ದು, ಇದರಿಂದ ರಾಜ್ಯದಲ್ಲಿ ಸುಮಾರು 6 ಲಕ್ಷ ಜನರಿಗೆ ಉದ್ಯೋಗಾವಕಾಶ ಸಿಗಲಿದೆ ಎಂದು ಬೃಹತ್ ಮತ್ತು ಮಧ್ಯಮ ಕೈಗಾರಿಕೆ ಸಚಿವ ಎಂ.ಬಿ.ಪಾಟೀಲ್ ಅವರು ತಿಳಿಸಿದರು. ವಿಧಾನ ಪರಿಷತ್ತಿನಲ್ಲಿ ಸದಸ್ಯರ ಪ್ರಶ್ನೆಗೆ ಉತ್ತರಿಸಿದ ಅವರು, ನವೀಕರಿಸಬಹುದಾದ ಇಂಧನ, ಸೆಮಿಕಂಡಕ್ಟರ್, ಎಲೆಕ್ಟ್ರಾನಿಕ್ಸ್, ಏರೋಸ್ಪೇಸ್ ಸೇರಿದಂತೆ ವಿವಿಧ ವಲಯಗಳಲ್ಲಿ ಹೂಡಿಕೆ ಹರಿದು ಬಂದಿದೆ. ಒಟ್ಟು 3,350 ಉದ್ದಿಮೆದಾರರು ಭಾಗವಹಿಸಿದ್ದು, 98 ಕಂಪನಿಗಳು ಒಡಂಬಡಿಕೆ ಮಾಡಿಕೊಂಡಿವೆ. ಹೂಡಿಕೆದಾರರಿಗೆ ಅಗತ್ಯ ಭೂಮಿ ಹಾಗೂ ಮೂಲಸೌಕರ್ಯ ಒದಗಿಸಲು ಸರ್ಕಾರ ಸಿದ್ಧವಿದೆ. ಬೆಂಗಳೂರು ಹೊರತುಪಡಿಸಿ ಇತರ ಜಿಲ್ಲೆಗಳಲ್ಲೂ ಕೈಗಾರಿಕೆಗಳ ಸ್ಥಾಪನೆಗೆ ಆದ್ಯತೆ ನೀಡಲಾಗುತ್ತಿದೆ ಎಂದರು. ಹಿಂದಿನ ಸಮಾವೇಶಗಳಲ್ಲಿ ಸಹಿ ಹಾಕಲಾದ ಒಪ್ಪಂದಗಳ ಅನುಷ್ಠಾನದ ಪ್ರಗತಿ ಕುರಿತು ನಿಯಮಿತವಾಗಿ ಪರಿಶೀಲನೆ ನಡೆಸಲಾಗುತ್ತಿದೆ ಎಂದು ವಿವರಿಸಿದರು.

ಇನ್ವೆಸ್ಟ್ ಕರ್ನಾಟಕ 2025ರ ಸಮಾವೇಶದಲ್ಲಿ ಒಟ್ಟಾರೆ 10.27 ಲಕ್ಷ ಕೋಟಿ ರೂಪಾಯಿ ಹೂಡಿಕೆಯ ಒಪ್ಪಂದಗಳಿಗೆ ಸಹಿ ಹಾಕಲಾಗಿದ್ದು, ಇದರಿಂದ ರಾಜ್ಯದಲ್ಲಿ ಸುಮಾರು 6 ಲಕ್ಷ ಜನರಿಗೆ ಉದ್ಯೋಗಾವಕಾಶ ಸಿಗಲಿದೆ ಎಂದು ಬೃಹತ್ ಮತ್ತು ಮಧ್ಯಮ ಕೈಗಾರಿಕೆ ಸಚಿವ ಎಂ.ಬಿ.ಪಾಟೀಲ್ ಅವರು ತಿಳಿಸಿದರು. ವಿಧಾನ ಪರಿಷತ್ತಿನಲ್ಲಿ ಸದಸ್ಯರ ಪ್ರಶ್ನೆಗೆ ಉತ್ತರಿಸಿದ ಅವರು, ನವೀಕರಿಸಬಹುದಾದ ಇಂಧನ, ಸೆಮಿಕಂಡಕ್ಟರ್, ಎಲೆಕ್ಟ್ರಾನಿಕ್ಸ್, ಏರೋಸ್ಪೇಸ್ ಸೇರಿದಂತೆ ವಿವಿಧ ವಲಯಗಳಲ್ಲಿ ಹೂಡಿಕೆ ಹರಿದು ಬಂದಿದೆ. ಒಟ್ಟು 3,350 ಉದ್ದಿಮೆದಾರರು ಭಾಗವಹಿಸಿದ್ದು, 98 ಕಂಪನಿಗಳು ಒಡಂಬಡಿಕೆ ಮಾಡಿಕೊಂಡಿವೆ. ಹೂಡಿಕೆದಾರರಿಗೆ ಅಗತ್ಯ ಭೂಮಿ ಹಾಗೂ ಮೂಲಸೌಕರ್ಯ ಒದಗಿಸಲು ಸರ್ಕಾರ ಸಿದ್ಧವಿದೆ. ಬೆಂಗಳೂರು ಹೊರತುಪಡಿಸಿ ಇತರ ಜಿಲ್ಲೆಗಳಲ್ಲೂ ಕೈಗಾರಿಕೆಗಳ ಸ್ಥಾಪನೆಗೆ ಆದ್ಯತೆ ನೀಡಲಾಗುತ್ತಿದೆ ಎಂದರು. ಹಿಂದಿನ ಸಮಾವೇಶಗಳಲ್ಲಿ ಸಹಿ ಹಾಕಲಾದ ಒಪ್ಪಂದಗಳ ಅನುಷ್ಠಾನದ ಪ್ರಗತಿ ಕುರಿತು ನಿಯಮಿತವಾಗಿ ಪರಿಶೀಲನೆ ನಡೆಸಲಾಗುತ್ತಿದೆ ಎಂದು ವಿವರಿಸಿದರು.

ಕಾಗದಪತ್ರಗಳ ಮಂಡನೆ

ಬೆಂಗಳೂರು: ಉಪಮುಖ್ಯಮಂತ್ರಿ, ಗೃಹಮಂತ್ರಿಗಳು, ಕಂದಾಯ ಸಚಿವರು, ಆರೋಗ್ಯ ಸಚಿವರು, ಅರಣ್ಯ ಸಚಿವರು ಹಾಗೂ ಇತರ ಸಚಿವರು ವಿಧಾನ ಪರಿಷತ್ತಿನಲ್ಲಿ ವಿವಿಧ ಇಲಾಖೆಗಳ ವಾರ್ಷಿಕ ವರದಿಗಳು ಹಾಗೂ ಕಾಗದಪತ್ರಗಳನ್ನು ಮಂಡಿಸಿದರು. ಕರ್ನಾಟಕ ರಾಜ್ಯ ಲೆಕ್ಕಪರಿಶೋಧನಾ ವರದಿ, ವಿವಿಧ ನಿಗಮ ಮಂಡಳಿಗಳ ವಾರ್ಷಿಕ ವರದಿಗಳು ಹಾಗೂ ಲೆಕ್ಕಪತ್ರಗಳನ್ನು ಸದನದ ಮುಂದೆ ಇಡಲಾಯಿತು. ಸಭಾಪತಿಗಳು ಕಾಗದಪತ್ರಗಳನ್ನು ಸ್ವೀಕರಿಸಿ ಮುಂದಿನ ಪರಿಶೀಲನೆಗೆ ಕಳುಹಿಸಿದರು.

ಅನಧಿಕೃತ ಸ್ವತ್ತುಗಳನ್ನು ಆಸ್ತಿ ತೆರಿಗೆ ವ್ಯಾಪ್ತಿಗೆ ಒಳಪಡಿಸಿ ಇ-ಖಾತೆ ನೀಡಲು ಕ್ರಮ

ಬೆಂಗಳೂರು: ಪ್ರಸ್ತುತ ಅನಧಿಕೃತ ಸ್ವತ್ತುಗಳನ್ನು ಆಸ್ತಿ ತೆರಿಗೆ ವ್ಯಾಪ್ತಿಗೆ ಒಳಪಡಿಸಿ ಇ-ಖಾತೆ ನೀಡಲು ಕ್ರಮ ವಹಿಸಲಾಗುತ್ತಿದೆ ಎಂದು ಪೌರಾಡಳಿತ ಮತ್ತು ಹಜ್ ಸಚಿವ ರಹೀಂಖಾನ್ ತಿಳಿಸಿದರು. ವಿಧಾನ ಪರಿಷತ್ತಿನಲ್ಲಿ ಪ್ರಶ್ನೋತ್ತರ ವೇಳೆ ಸದಸ್ಯರ ಪ್ರಶ್ನೆಗೆ ಉತ್ತರಿಸಿದ ಅವರು, ಕರ್ನಾಟಕ ಮುನಿಸಿಪಲ್ ಕಾಯ್ದೆಗಳ ತಿದ್ದುಪಡಿ ಮೂಲಕ ಈ ಕ್ರಮ ಕೈಗೊಳ್ಳಲಾಗಿದೆ. 2025ರ ಫೆಬ್ರವರಿ 17ರಿಂದ ಮೇ 10ರವರೆಗೆ ಅಭಿಯಾನ ನಡೆಸಲಾಗುತ್ತಿದೆ. ಈ ಅವಧಿಯಲ್ಲಿ ಸ್ವತ್ತಿನ ಮಾಲೀಕರು ಅಗತ್ಯ ದಾಖಲೆಗಳನ್ನು ಸಲ್ಲಿಸಿ ಇ-ಖಾತೆ ಪಡೆಯಬಹುದು. ಇದರಿಂದ ಸ್ಥಳೀಯ ಸಂಸ್ಥೆಗಳ ಆದಾಯ ಹೆಚ್ಚಾಗಲಿದೆ ಹಾಗೂ ನಾಗರಿಕರಿಗೆ ಅನುಕೂಲವಾಗಲಿದೆ ಎಂದು ತಿಳಿಸಿದರು.

ರೈತರಿಗೆ ಯಾವುದೇ ತಾರತಮ್ಯವಿಲ್ಲದೆ ಪರಿಹಾರ ನೀಡಲಾಗಿದೆ

ಶ್ರೀ ಸಿಮೆಂಟ್ ಲಿಮಿಟೆಡ್ ಕಂಪನಿಯ ಸ್ಥಾಪನೆಗಾಗಿ ಭೂಸ್ವಾಧೀನ ಪಡಿಸಿಕೊಂಡ ರೈತರಿಗೆ ಯಾವುದೇ ತಾರತಮ್ಯವಿಲ್ಲದೆ ಪರಿಹಾರ ನೀಡಲಾಗಿದೆ ಎಂದು ಬೃಹತ್ ಮತ್ತು ಮಧ್ಯಮ ಕೈಗಾರಿಕೆ ಸಚಿವ ಎಂ.ಬಿ.ಪಾಟೀಲ್ ತಿಳಿಸಿದರು. ವಿಧಾನ ಪರಿಷತ್ತಿನಲ್ಲಿ ಪ್ರಶ್ನೋತ್ತರ ವೇಳೆ ಉತ್ತರಿಸಿದ ಅವರು, ಭೂಮಿ ನೀಡಿದ ರೈತರಿಗೆ ಮಾರುಕಟ್ಟೆ ದರದಂತೆ ಪರಿಹಾರ ಪಾವತಿಸಲಾಗಿದೆ. ರಾಜ್ಯ ಉನ್ನತ ಮಟ್ಟದ ಏಕಗವಾಕ್ಷಿ ಸಮಿತಿಯ ಅನುಮೋದನೆಯಂತೆ ಪ್ರತಿ ಎಕರೆಗೆ ನಿಗದಿತ ಮೊತ್ತ ನೀಡಲಾಗಿದೆ. ಒಟ್ಟು 1348.38 ಎಕರೆ ಜಮೀನನ್ನು ಸ್ವಾಧೀನಪಡಿಸಿಕೊಳ್ಳಲಾಗಿದ್ದು, ರೈತರಿಗೆ ರೂ. 2.35 ಲಕ್ಷದಿಂದ 3.65 ಲಕ್ಷ ರೂ.ವರೆಗೆ ಪರಿಹಾರ ನೀಡಲಾಗಿದೆ ಎಂದರು.

ಶ್ರೀ ಸಿಮೆಂಟ್ ಲಿಮಿಟೆಡ್ ಕಂಪನಿಯ ಸ್ಥಾಪನೆಗಾಗಿ ಭೂಸ್ವಾಧೀನ ಪಡಿಸಿಕೊಂಡ ರೈತರಿಗೆ ಯಾವುದೇ ತಾರತಮ್ಯವಿಲ್ಲದೆ ಪರಿಹಾರ ನೀಡಲಾಗಿದೆ ಎಂದು ಬೃಹತ್ ಮತ್ತು ಮಧ್ಯಮ ಕೈಗಾರಿಕೆ ಸಚಿವ ಎಂ.ಬಿ.ಪಾಟೀಲ್ ತಿಳಿಸಿದರು. ವಿಧಾನ ಪರಿಷತ್ತಿನಲ್ಲಿ ಪ್ರಶ್ನೋತ್ತರ ವೇಳೆ ಉತ್ತರಿಸಿದ ಅವರು, ಭೂಮಿ ನೀಡಿದ ರೈತರಿಗೆ ಮಾರುಕಟ್ಟೆ ದರದಂತೆ ಪರಿಹಾರ ಪಾವತಿಸಲಾಗಿದೆ. ರಾಜ್ಯ ಉನ್ನತ ಮಟ್ಟದ ಏಕಗವಾಕ್ಷಿ ಸಮಿತಿಯ ಅನುಮೋದನೆಯಂತೆ ಪ್ರತಿ ಎಕರೆಗೆ ನಿಗದಿತ ಮೊತ್ತ ನೀಡಲಾಗಿದೆ. ಒಟ್ಟು 1348.38 ಎಕರೆ ಜಮೀನನ್ನು ಸ್ವಾಧೀನಪಡಿಸಿಕೊಳ್ಳಲಾಗಿದ್ದು, ರೈತರಿಗೆ ರೂ. 2.35 ಲಕ್ಷದಿಂದ 3.65 ಲಕ್ಷ ರೂ.ವರೆಗೆ ಪರಿಹಾರ ನೀಡಲಾಗಿದೆ ಎಂದರು.

ಮಾರುಕಟ್ಟೆ ದರ ನಿಗದಿಪಡಿಸಿ ಪ್ರತಿ ಎಕರೆಗೆ ರೂ. 8,00,000/- ಗಳ ಪರಿಹಾರ ನೀಡಲಾಗಿದೆ. ಭೂಸ್ವಾಧೀನ ಪ್ರಕ್ರಿಯೆಯಲ್ಲಿ ಪಾರದರ್ಶಕತೆ ಕಾಯ್ದುಕೊಳ್ಳಲಾಗಿದೆ. ಭೂಮಿ ಕಳೆದುಕೊಂಡ ಕುಟುಂಬಗಳಿಗೆ ಕಂಪನಿಯಲ್ಲಿ ಉದ್ಯೋಗ ನೀಡಲು ಸೂಚಿಸಲಾಗಿದೆ. ಈಗಾಗಲೇ 483 ಭೂ ಸಂತ್ರಸ್ತರಿಗೆ ಉದ್ಯೋಗ ಒದಗಿಸಲಾಗಿದೆ. ಉಳಿದವರಿಗೂ ಹಂತ ಹಂತವಾಗಿ ಉದ್ಯೋಗ ನೀಡಲು ಕ್ರಮ ಕೈಗೊಳ್ಳಲಾಗುವುದು. ರೈತರ ಹಿತ ಕಾಪಾಡಲು ಸರ್ಕಾರ ಬದ್ಧವಾಗಿದೆ ಎಂದು ಸಚಿವರು ಸ್ಪಷ್ಟಪಡಿಸಿದರು.

ಮಾರುಕಟ್ಟೆ ದರ ನಿಗದಿಪಡಿಸಿ ಪ್ರತಿ ಎಕರೆಗೆ ರೂ. 8,00,000/- ಗಳ ಪರಿಹಾರ ನೀಡಲಾಗಿದೆ. ಭೂಸ್ವಾಧೀನ ಪ್ರಕ್ರಿಯೆಯಲ್ಲಿ ಪಾರದರ್ಶಕತೆ ಕಾಯ್ದುಕೊಳ್ಳಲಾಗಿದೆ. ಭೂಮಿ ಕಳೆದುಕೊಂಡ ಕುಟುಂಬಗಳಿಗೆ ಕಂಪನಿಯಲ್ಲಿ ಉದ್ಯೋಗ ನೀಡಲು ಸೂಚಿಸಲಾಗಿದೆ. ಈಗಾಗಲೇ 483 ಭೂ ಸಂತ್ರಸ್ತರಿಗೆ ಉದ್ಯೋಗ ಒದಗಿಸಲಾಗಿದೆ. ಉಳಿದವರಿಗೂ ಹಂತ ಹಂತವಾಗಿ ಉದ್ಯೋಗ ನೀಡಲು ಕ್ರಮ ಕೈಗೊಳ್ಳಲಾಗುವುದು. ರೈತರ ಹಿತ ಕಾಪಾಡಲು ಸರ್ಕಾರ ಬದ್ಧವಾಗಿದೆ ಎಂದು ಸಚಿವರು ಸ್ಪಷ್ಟಪಡಿಸಿದರು.

ಅನಿಲ ವಿತರಣೆ ಯೋಜನೆ ಅನುಷ್ಠಾನಗೊಳಿಸಲು ಕ್ರಮ

ಬೆಂಗಳೂರು: ಪೆಟ್ರೋಲಿಯಂ ಮತ್ತು ನೈಸರ್ಗಿಕ ಅನಿಲ ನಿಯಂತ್ರಣ ಮಂಡಳಿಯು ರಾಜ್ಯದ ಎಲ್ಲಾ ಜಿಲ್ಲೆಗಳನ್ನು ಒಳಗೊಂಡಂತೆ 18 ಭೌಗೋಳಿಕ ಪ್ರದೇಶಗಳಲ್ಲಿ ನಗರ ಅನಿಲ ವಿತರಣೆ ಯೋಜನೆಯನ್ನು ಅನುಷ್ಠಾನಗೊಳಿಸಲು ಅನುಮತಿ ನೀಡಿದೆ ಎಂದು ಸಚಿವ ಎಚ್.ಕೆ.ಪಾಟೀಲ್ ತಿಳಿಸಿದರು. ವಿಧಾನ ಪರಿಷತ್ತಿನಲ್ಲಿ ಪ್ರಶ್ನೋತ್ತರ ವೇಳೆ ಸದಸ್ಯರ ಪ್ರಶ್ನೆಗೆ ಉತ್ತರಿಸಿದ ಅವರು, ಪೈಪ್ ಮೂಲಕ ನೈಸರ್ಗಿಕ ಅನಿಲ ಪೂರೈಕೆ ಹಾಗೂ ಸಿಎನ್‌ಜಿ ಕೇಂದ್ರಗಳ ಸ್ಥಾಪನೆಗೆ ಕ್ರಮ ಕೈಗೊಳ್ಳಲಾಗಿದೆ. ಗೃಹ ಬಳಕೆ, ವಾಣಿಜ್ಯ ಹಾಗೂ ಕೈಗಾರಿಕಾ ಉದ್ದೇಶಗಳಿಗೆ ಅನಿಲ ಸಂಪರ್ಕ ನೀಡಲಾಗುತ್ತಿದೆ. ಪ್ರತಿ ಕಿ.ಮೀ.ಗೆ ರೂ. 1000/- ಗಳ ಅನುಮತಿ ಶುಲ್ಕವನ್ನು ನಿಗದಿಪಡಿಸಲಾಗಿದೆ. 2021ರ ಸೆಪ್ಟೆಂಬರ್ 15ರ ಆದೇಶದಂತೆ ನಗರ ಸ್ಥಳೀಯ ಸಂಸ್ಥೆಗಳ ವ್ಯಾಪ್ತಿಯಲ್ಲಿ ಪೈಪ್‌ಲೈನ್ ಅಳವಡಿಕೆಗೆ ಅನುಮತಿ ನೀಡಲಾಗುತ್ತಿದೆ. ಗ್ಯಾಸ್ ಏಜೆನ್ಸಿಗಳು ರಸ್ತೆ ಅಗೆತದ ನಂತರ ಪುನಃ ದುರಸ್ತಿ ಮಾಡಬೇಕು. ಸುರಕ್ಷತಾ ಮಾನದಂಡಗಳನ್ನು ಕಡ್ಡಾಯವಾಗಿ ಪಾಲಿಸುವಂತೆ ಸೂಚಿಸಲಾಗಿದೆ. ಕೇಂದ್ರ ಸರ್ಕಾರದ ಮಾರ್ಗಸೂಚಿಯಂತೆ ಯೋಜನೆ ಅನುಷ್ಠಾನಗೊಳಿಸಲಾಗುತ್ತಿದ್ದು, ಈಗಾಗಲೇ ಹಲವು ನಗರಗಳಲ್ಲಿ ಮನೆಗಳಿಗೆ ಪೈಪ್ ಮೂಲಕ ಅನಿಲ ಸಂಪರ್ಕ ಕಲ್ಪಿಸಲಾಗಿದೆ. ಸಾರ್ವಜನಿಕರಿಗೆ ಕಡಿಮೆ ದರದಲ್ಲಿ ಸುರಕ್ಷಿತ ಇಂಧನ ಒದಗಿಸುವುದು ಸರ್ಕಾರದ ಉದ್ದೇಶವಾಗಿದೆ. ಯೋಜನೆಯ ಪ್ರಗತಿ ಕುರಿತು ನಿಯಮಿತವಾಗಿ ಪರಿಶೀಲನೆ ನಡೆಸಲಾಗುತ್ತಿದ್ದು, ನಿಗದಿತ ಅವಧಿಯಲ್ಲಿ ಕಾಮಗಾರಿ ಪೂರ್ಣಗೊಳಿಸುವಂತೆ ಸೂಚಿಸಲಾಗಿದೆ. ಗ್ರಾಮೀಣ ಪ್ರದೇಶಗಳಿಗೂ ಯೋಜನೆ ವಿಸ್ತರಿಸುವ ಬಗ್ಗೆ ಚಿಂತನೆ ನಡೆದಿದೆ ಎಂದು ವಿವರಿಸಿದರು.

ಪೆಟ್ರೋಲಿಯಂ ಮತ್ತು ನೈಸರ್ಗಿಕ ಅನಿಲ ನಿಯಂತ್ರಣ ಮಂಡಳಿಯು ರಾಜ್ಯದ ಎಲ್ಲಾ ಜಿಲ್ಲೆಗಳನ್ನು ಒಳಗೊಂಡಂತೆ 18 ಭೌಗೋಳಿಕ ಪ್ರದೇಶಗಳಲ್ಲಿ ನಗರ ಅನಿಲ ವಿತರಣೆ ಯೋಜನೆಯನ್ನು ಅನುಷ್ಠಾನಗೊಳಿಸಲು ಅನುಮತಿ ನೀಡಿದೆ ಎಂದು ಸಚಿವ ಎಚ್.ಕೆ.ಪಾಟೀಲ್ ತಿಳಿಸಿದರು. ವಿಧಾನ ಪರಿಷತ್ತಿನಲ್ಲಿ ಪ್ರಶ್ನೋತ್ತರ ವೇಳೆ ಸದಸ್ಯರ ಪ್ರಶ್ನೆಗೆ ಉತ್ತರಿಸಿದ ಅವರು, ಪೈಪ್ ಮೂಲಕ ನೈಸರ್ಗಿಕ ಅನಿಲ ಪೂರೈಕೆ ಹಾಗೂ ಸಿಎನ್‌ಜಿ ಕೇಂದ್ರಗಳ ಸ್ಥಾಪನೆಗೆ ಕ್ರಮ ಕೈಗೊಳ್ಳಲಾಗಿದೆ. ಗೃಹ ಬಳಕೆ, ವಾಣಿಜ್ಯ ಹಾಗೂ ಕೈಗಾರಿಕಾ ಉದ್ದೇಶಗಳಿಗೆ ಅನಿಲ ಸಂಪರ್ಕ ನೀಡಲಾಗುತ್ತಿದೆ. ಪ್ರತಿ ಕಿ.ಮೀ.ಗೆ ರೂ. 1000/- ಗಳ ಅನುಮತಿ ಶುಲ್ಕವನ್ನು ನಿಗದಿಪಡಿಸಲಾಗಿದೆ. 2021ರ ಸೆಪ್ಟೆಂಬರ್ 15ರ ಆದೇಶದಂತೆ ನಗರ ಸ್ಥಳೀಯ ಸಂಸ್ಥೆಗಳ ವ್ಯಾಪ್ತಿಯಲ್ಲಿ ಪೈಪ್‌ಲೈನ್ ಅಳವಡಿಕೆಗೆ ಅನುಮತಿ ನೀಡಲಾಗುತ್ತಿದೆ. ಗ್ಯಾಸ್ ಏಜೆನ್ಸಿಗಳು ರಸ್ತೆ ಅಗೆತದ ನಂತರ ಪುನಃ ದುರಸ್ತಿ ಮಾಡಬೇಕು. ಸುರಕ್ಷತಾ ಮಾನದಂಡಗಳನ್ನು ಕಡ್ಡಾಯವಾಗಿ ಪಾಲಿಸುವಂತೆ ಸೂಚಿಸಲಾಗಿದೆ. ಕೇಂದ್ರ ಸರ್ಕಾರದ ಮಾರ್ಗಸೂಚಿಯಂತೆ ಯೋಜನೆ ಅನುಷ್ಠಾನಗೊಳಿಸಲಾಗುತ್ತಿದ್ದು, ಈಗಾಗಲೇ ಹಲವು ನಗರಗಳಲ್ಲಿ ಮನೆಗಳಿಗೆ ಪೈಪ್ ಮೂಲಕ ಅನಿಲ ಸಂಪರ್ಕ ಕಲ್ಪಿಸಲಾಗಿದೆ. ಸಾರ್ವಜನಿಕರಿಗೆ ಕಡಿಮೆ ದರದಲ್ಲಿ ಸುರಕ್ಷಿತ ಇಂಧನ ಒದಗಿಸುವುದು ಸರ್ಕಾರದ ಉದ್ದೇಶವಾಗಿದೆ. ಯೋಜನೆಯ ಪ್ರಗತಿ ಕುರಿತು ನಿಯಮಿತವಾಗಿ ಪರಿಶೀಲನೆ ನಡೆಸಲಾಗುತ್ತಿದ್ದು, ನಿಗದಿತ ಅವಧಿಯಲ್ಲಿ ಕಾಮಗಾರಿ ಪೂರ್ಣಗೊಳಿಸುವಂತೆ ಸೂಚಿಸಲಾಗಿದೆ. ಗ್ರಾಮೀಣ ಪ್ರದೇಶಗಳಿಗೂ ಯೋಜನೆ ವಿಸ್ತರಿಸುವ ಬಗ್ಗೆ ಚಿಂತನೆ ನಡೆದಿದೆ ಎಂದು ವಿವರಿಸಿದರು.

ಸ್ಮಾರ್ಟ್ ಸಿಟಿ ಯೋಜನೆ ಅವ್ಯವಹಾರಗಳ ಬಗ್ಗೆ ಅಗತ್ಯ ಕ್ರಮ ಕೈಗೊಳ್ಳಲಾಗುವುದು

ಬೆಂಗಳೂರು: ಕೇಂದ್ರ ಹಾಗೂ ರಾಜ್ಯ ಸರ್ಕಾರಗಳ ಸ್ಮಾರ್ಟ್ ಸಿಟಿ ಯೋಜನೆಯಲ್ಲಿ ಅವ್ಯವಹಾರಗಳ ಬಗ್ಗೆ ದೂರುಗಳು ಬಂದಿದ್ದು, ಪರಿಶೀಲಿಸಿ ಅಗತ್ಯ ಕ್ರಮ ಕೈಗೊಳ್ಳಲಾಗುವುದು ಎಂದು ನಗರಾಭಿವೃದ್ಧಿ ಸಚಿವ ಬಿ.ಎಸ್.ಸುರೇಶ್ ತಿಳಿಸಿದರು. ವಿಧಾನ ಪರಿಷತ್ತಿನಲ್ಲಿ ಪ್ರಶ್ನೋತ್ತರ ವೇಳೆ ಸದಸ್ಯರ ಪ್ರಶ್ನೆಗೆ ಉತ್ತರಿಸಿದ ಅವರು, ರಾಜ್ಯದ 7 ನಗರಗಳಲ್ಲಿ ಸ್ಮಾರ್ಟ್ ಸಿಟಿ ಯೋಜನೆ ಅನುಷ್ಠಾನಗೊಳ್ಳುತ್ತಿದೆ. ಬೆಳಗಾವಿ, ದಾವಣಗೆರೆ, ಹುಬ್ಬಳ್ಳಿ-ಧಾರವಾಡ, ಮಂಗಳೂರು, ಶಿವಮೊಗ್ಗ, ತುಮಕೂರು ಹಾಗೂ ಬೆಂಗಳೂರು ನಗರಗಳಲ್ಲಿ ಕಾಮಗಾರಿಗಳು ನಡೆಯುತ್ತಿವೆ. ಯೋಜನೆಗೆ ಒಟ್ಟು ರೂ. 6854.5 ಕೋಟಿ ಅನುದಾನ ಮಂಜೂರಾಗಿದ್ದು, ಈ ಪೈಕಿ ರೂ. 6472.08 ಕೋಟಿ ವೆಚ್ಚ ಮಾಡಲಾಗಿದೆ ಎಂದು ತಿಳಿಸಿದರು.
